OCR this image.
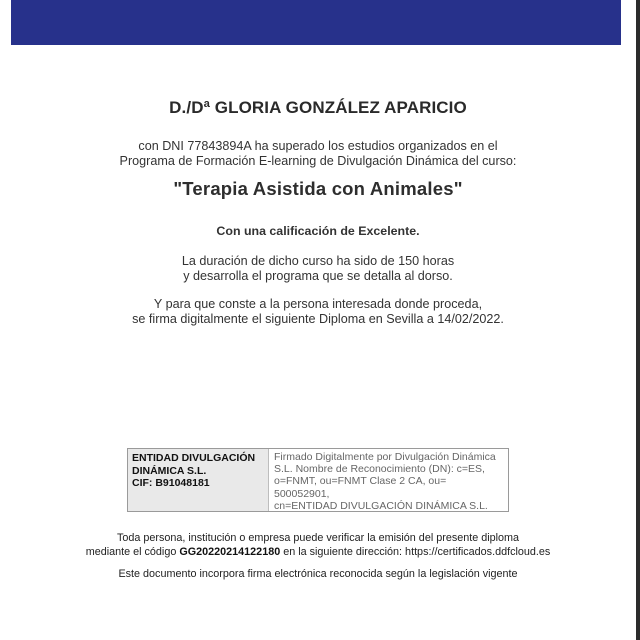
D./Dª GLORIA GONZÁLEZ APARICIO
con DNI 77843894A ha superado los estudios organizados en el
Programa de Formación E-learning de Divulgación Dinámica del curso:
"Terapia Asistida con Animales"
Con una calificación de Excelente.
La duración de dicho curso ha sido de 150 horas
y desarrolla el programa que se detalla al dorso.
Y para que conste a la persona interesada donde proceda,
se firma digitalmente el siguiente Diploma en Sevilla a 14/02/2022.
ENTIDAD DIVULGACIÓN
DINÁMICA S.L.
CIF: B91048181
Firmado Digitalmente por Divulgación Dinámica
S.L. Nombre de Reconocimiento (DN): c=ES,
o=FNMT, ou=FNMT Clase 2 CA, ou=
500052901,
cn=ENTIDAD DIVULGACIÓN DINÁMICA S.L.
Toda persona, institución o empresa puede verificar la emisión del presente diploma
mediante el código GG20220214122180 en la siguiente dirección: https://certificados.ddfcloud.es
Este documento incorpora firma electrónica reconocida según la legislación vigente
